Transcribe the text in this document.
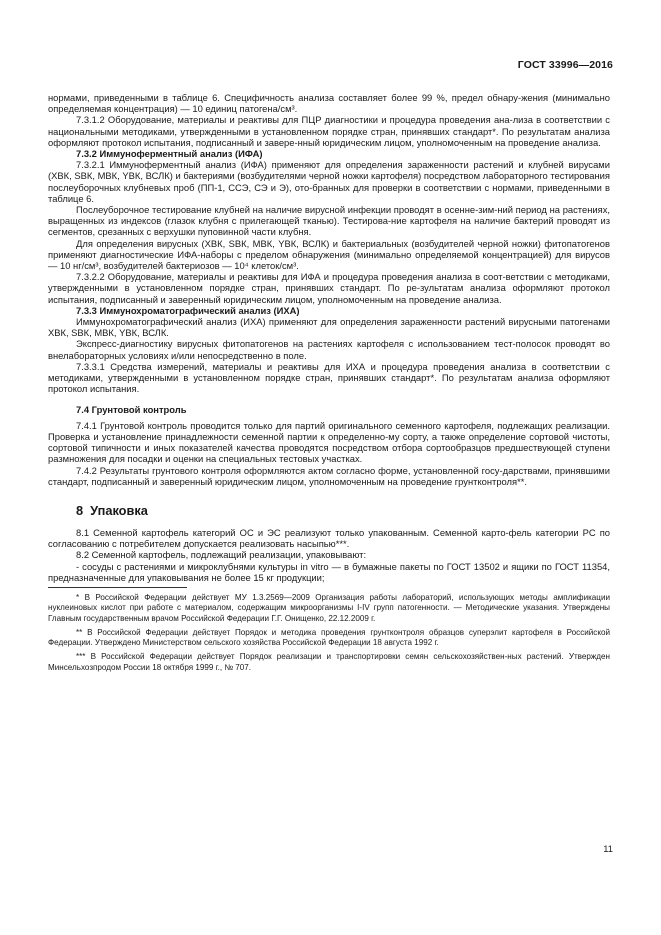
ГОСТ 33996—2016

нормами, приведенными в таблице 6. Специфичность анализа составляет более 99 %, предел обнару-жения (минимально определяемая концентрация) — 10 единиц патогена/см³.

7.3.1.2 Оборудование, материалы и реактивы для ПЦР диагностики и процедура проведения ана-лиза в соответствии с национальными методиками, утвержденными в установленном порядке стран, принявших стандарт*. По результатам анализа оформляют протокол испытания, подписанный и завере-нный юридическим лицом, уполномоченным на проведение анализа.

7.3.2 Иммуноферментный анализ (ИФА)

7.3.2.1 Иммуноферментный анализ (ИФА) применяют для определения зараженности растений и клубней вирусами (ХВК, SВК, МВК, YВК, ВСЛК) и бактериями (возбудителями черной ножки картофеля) посредством лабораторного тестирования послеуборочных клубневых проб (ПП-1, ССЭ, СЭ и Э), ото-бранных для проверки в соответствии с нормами, приведенными в таблице 6.

Послеуборочное тестирование клубней на наличие вирусной инфекции проводят в осенне-зим-ний период на растениях, выращенных из индексов (глазок клубня с прилегающей тканью). Тестирова-ние картофеля на наличие бактерий проводят из сегментов, срезанных с верхушки пуповинной части клубня.

Для определения вирусных (ХВК, SВК, МВК, YВК, ВСЛК) и бактериальных (возбудителей черной ножки) фитопатогенов применяют диагностические ИФА-наборы с пределом обнаружения (минимально определяемой концентрацией) для вирусов — 10 нг/см³, возбудителей бактериозов — 10⁴ клеток/см³.

7.3.2.2 Оборудование, материалы и реактивы для ИФА и процедура проведения анализа в соот-ветствии с методиками, утвержденными в установленном порядке стран, принявших стандарт. По ре-зультатам анализа оформляют протокол испытания, подписанный и заверенный юридическим лицом, уполномоченным на проведение анализа.

7.3.3 Иммунохроматографический анализ (ИХА)

Иммунохроматографический анализ (ИХА) применяют для определения зараженности растений вирусными патогенами ХВК, SВК, МВК, YВК, ВСЛК.

Экспресс-диагностику вирусных фитопатогенов на растениях картофеля с использованием тест-полосок проводят во внелабораторных условиях и/или непосредственно в поле.

7.3.3.1 Средства измерений, материалы и реактивы для ИХА и процедура проведения анализа в соответствии с методиками, утвержденными в установленном порядке стран, принявших стандарт*. По результатам анализа оформляют протокол испытания.

7.4 Грунтовой контроль

7.4.1 Грунтовой контроль проводится только для партий оригинального семенного картофеля, подлежащих реализации. Проверка и установление принадлежности семенной партии к определенно-му сорту, а также определение сортовой чистоты, сортовой типичности и иных показателей качества проводятся посредством отбора сортообразцов предшествующей ступени размножения для посадки и оценки на специальных тестовых участках.

7.4.2 Результаты грунтового контроля оформляются актом согласно форме, установленной госу-дарствами, принявшими стандарт, подписанный и заверенный юридическим лицом, уполномоченным на проведение грунтконтроля**.

8 Упаковка

8.1 Семенной картофель категорий ОС и ЭС реализуют только упакованным. Семенной карто-фель категории РС по согласованию с потребителем допускается реализовать насыпью***.

8.2 Семенной картофель, подлежащий реализации, упаковывают:

- сосуды с растениями и микроклубнями культуры in vitro — в бумажные пакеты по ГОСТ 13502 и ящики по ГОСТ 11354, предназначенные для упаковывания не более 15 кг продукции;

* В Российской Федерации действует МУ 1.3.2569—2009 Организация работы лабораторий, использующих методы амплификации нуклеиновых кислот при работе с материалом, содержащим микроорганизмы I-IV групп патогенности. — Методические указания. Утверждены Главным государственным врачом Российской Федерации Г.Г. Онищенко, 22.12.2009 г.

** В Российской Федерации действует Порядок и методика проведения грунтконтроля образцов суперэлит картофеля в Российской Федерации. Утверждено Министерством сельского хозяйства Российской Федерации 18 августа 1992 г.

*** В Российской Федерации действует Порядок реализации и транспортировки семян сельскохозяйствен-ных растений. Утвержден Минсельхозпродом России 18 октября 1999 г., № 707.

11
